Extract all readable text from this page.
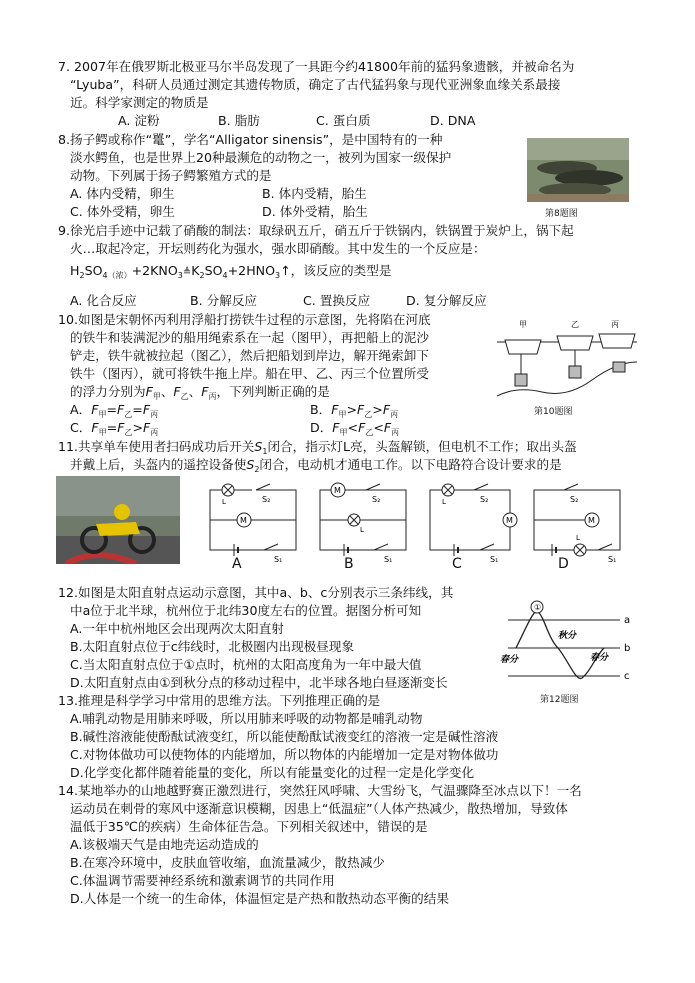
7. 2007年在俄罗斯北极亚马尔半岛发现了一具距今约41800年前的猛犸象遗骸，并被命名为
“Lyuba”，科研人员通过测定其遗传物质，确定了古代猛犸象与现代亚洲象血缘关系最接
近。科学家测定的物质是
A. 淀粉	B. 脂肪	C. 蛋白质	D. DNA
8.扬子鳄或称作“鼍”，学名“Alligator sinensis”，是中国特有的一种
淡水鳄鱼，也是世界上20种最濒危的动物之一，被列为国家一级保护
动物。下列属于扬子鳄繁殖方式的是
A. 体内受精，卵生	B. 体内受精，胎生
C. 体外受精，卵生	D. 体外受精，胎生	第8题图
9.徐光启手迹中记载了硝酸的制法：取绿矾五斤，硝五斤于铁锅内，铁锅置于炭炉上，锅下起
火…取起冷定，开坛则药化为强水，强水即硝酸。其中发生的一个反应是：
$H_2SO_{4(浓)}+2KNO_3≜K_2SO_4+2HNO_3↑$，该反应的类型是
A. 化合反应	B. 分解反应	C. 置换反应	D. 复分解反应
10.如图是宋朝怀丙利用浮船打捞铁牛过程的示意图，先将陷在河底
的铁牛和装满泥沙的船用绳索系在一起（图甲），再把船上的泥沙
铲走，铁牛就被拉起（图乙），然后把船划到岸边，解开绳索卸下
铁牛（图丙），就可将铁牛拖上岸。船在甲、乙、丙三个位置所受
的浮力分别为$F_甲$、$F_乙$、$F_丙$，下列判断正确的是
A．$F_甲=F_乙=F_丙$	B．$F_甲>F_乙>F_丙$
C．$F_甲=F_乙>F_丙$	D．$F_甲<F_乙<F_丙$
甲	乙	丙
第10题图
11.共享单车使用者扫码成功后开关$S_1$闭合，指示灯L亮，头盔解锁，但电机不工作；取出头盔
并戴上后，头盔内的遥控设备使$S_2$闭合，电动机才通电工作。以下电路符合设计要求的是
S₂
M
S₁
L
M
S₂
S₁
L
S₂
M
S₁
L	S₂
M
S₁
L
A	B	C	D
12.如图是太阳直射点运动示意图，其中a、b、c分别表示三条纬线，其
中a位于北半球，杭州位于北纬30度左右的位置。据图分析可知
A.一年中杭州地区会出现两次太阳直射
B.太阳直射点位于c纬线时，北极圈内出现极昼现象
C.当太阳直射点位于①点时，杭州的太阳高度角为一年中最大值
D.太阳直射点由①到秋分点的移动过程中，北半球各地白昼逐渐变长
①
a
b
c
春分
秋分
春分
第12题图
13.推理是科学学习中常用的思维方法。下列推理正确的是
A.哺乳动物是用肺来呼吸，所以用肺来呼吸的动物都是哺乳动物
B.碱性溶液能使酚酞试液变红，所以能使酚酞试液变红的溶液一定是碱性溶液
C.对物体做功可以使物体的内能增加，所以物体的内能增加一定是对物体做功
D.化学变化都伴随着能量的变化，所以有能量变化的过程一定是化学变化
14.某地举办的山地越野赛正激烈进行，突然狂风呼啸、大雪纷飞，气温骤降至冰点以下！一名
运动员在刺骨的寒风中逐渐意识模糊，因患上“低温症”（人体产热减少，散热增加，导致体
温低于35℃的疾病）生命体征告急。下列相关叙述中，错误的是
A.该极端天气是由地壳运动造成的
B.在寒冷环境中，皮肤血管收缩，血流量减少，散热减少
C.体温调节需要神经系统和激素调节的共同作用
D.人体是一个统一的生命体，体温恒定是产热和散热动态平衡的结果
